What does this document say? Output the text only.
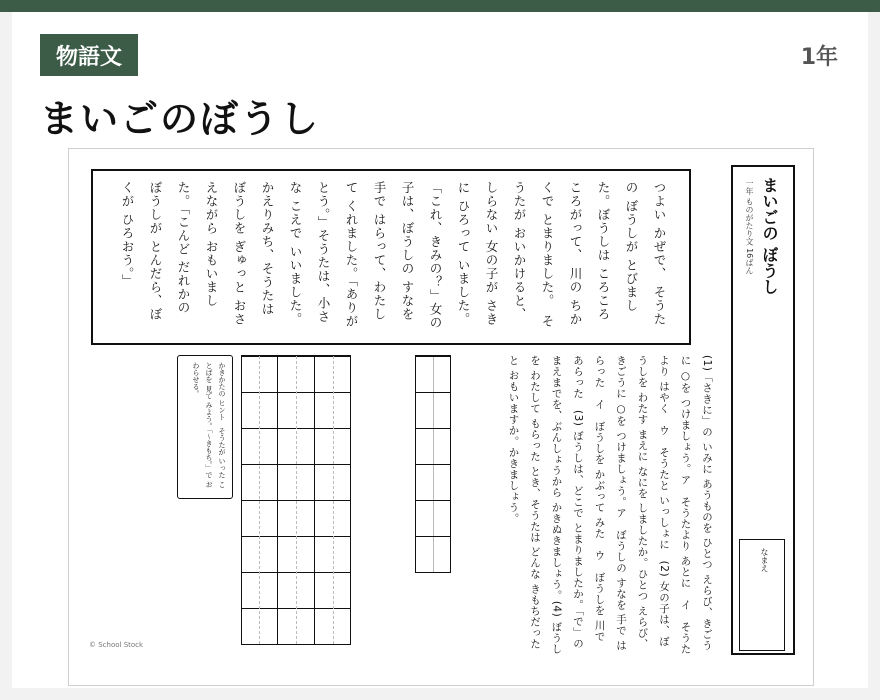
物語文	1年
まいごのぼうし
つよい かぜで、 そうたの ぼうしが とびました。ぼうしは ころころころがって、 川の ちかくで とまりました。　そうたが おいかけると、しらない 女の子が さきに ひろって いました。「これ、きみの？」女の子は、ぼうしの すなを 手で はらって、わたして くれました。「ありがとう。」そうたは、小さな こえで いいました。　かえりみち、そうたは ぼうしを ぎゅっと おさえながら おもいました。「こんど だれかの ぼうしが とんだら、ぼくが ひろおう。」	まいごの ぼうし
一年 ものがたり文 16ばん
なまえ
(1)「さきに」の いみに あうものを ひとつ えらび、きごうに ○を つけましょう。ア　そうたより あとに　イ　そうたより はやく　ウ　そうたと いっしょに　(2) 女の子は、ぼうしを わたす まえに なにを しましたか。ひとつ えらび、きごうに ○を つけましょう。ア　ぼうしの すなを 手で はらった　イ　ぼうしを かぶって みた　ウ　ぼうしを 川で あらった　(3) ぼうしは、どこで とまりましたか。「で」の まえまでを、ぶんしょうから かきぬきましょう。(4) ぼうしを わたして もらった とき、そうたは どんな きもちだったと おもいますか。かきましょう。
かきかたの ヒント　そうたが いった ことばを 見て みよう。「〜きもち。」で おわらせる。
© School Stock
